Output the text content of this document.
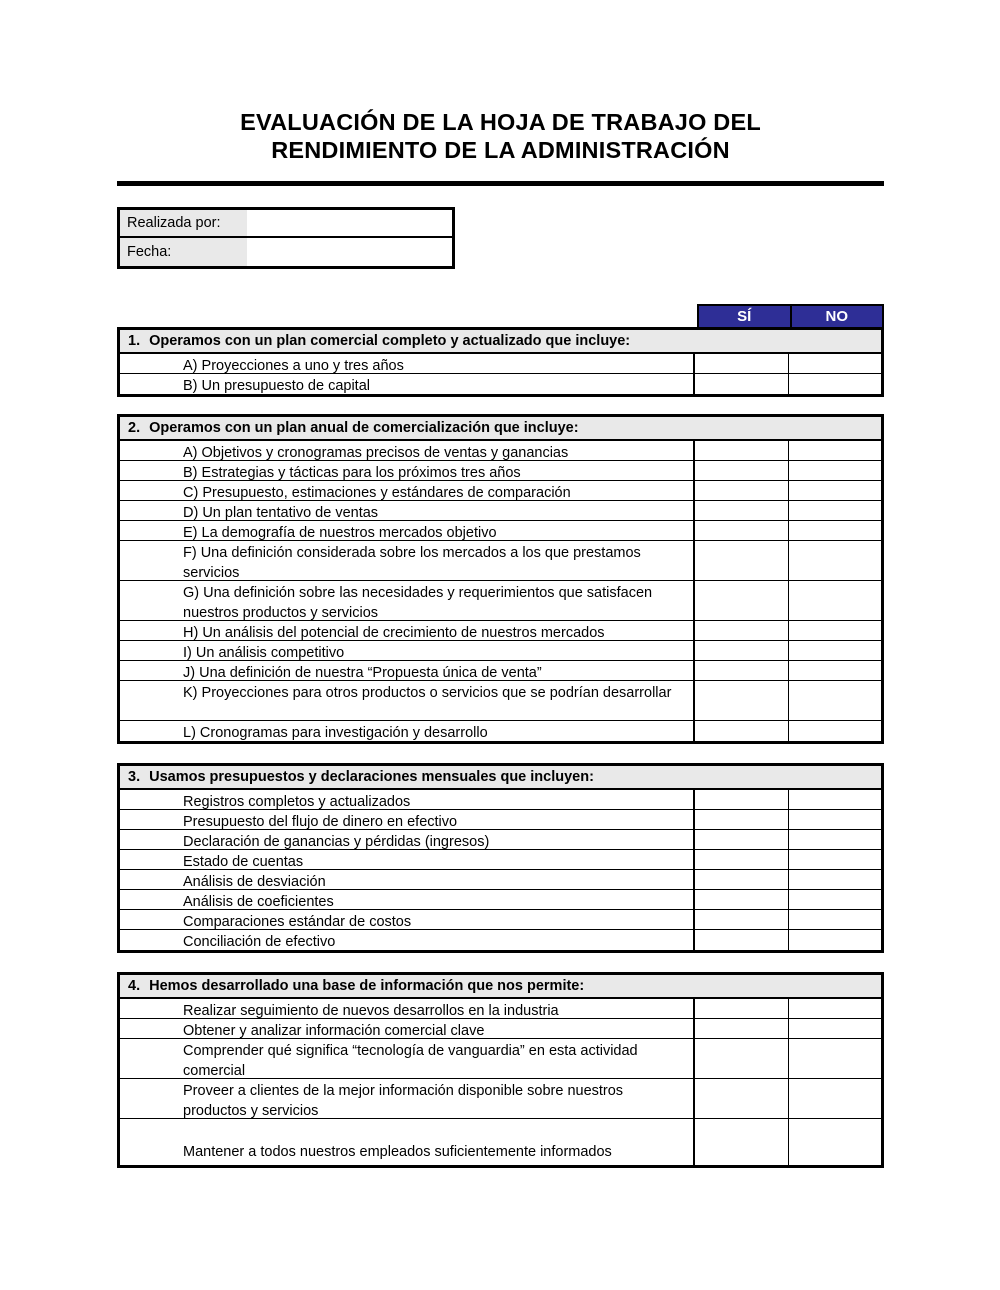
EVALUACIÓN DE LA HOJA DE TRABAJO DEL
RENDIMIENTO DE LA ADMINISTRACIÓN
Realizada por:
Fecha:
SÍ	NO
1. Operamos con un plan comercial completo y actualizado que incluye:
A) Proyecciones a uno y tres años
B) Un presupuesto de capital
2. Operamos con un plan anual de comercialización que incluye:
A) Objetivos y cronogramas precisos de ventas y ganancias
B) Estrategias y tácticas para los próximos tres años
C) Presupuesto, estimaciones y estándares de comparación
D) Un plan tentativo de ventas
E) La demografía de nuestros mercados objetivo
F) Una definición considerada sobre los mercados a los que prestamos servicios
G) Una definición sobre las necesidades y requerimientos que satisfacen nuestros productos y servicios
H) Un análisis del potencial de crecimiento de nuestros mercados
I) Un análisis competitivo
J) Una definición de nuestra “Propuesta única de venta”
K) Proyecciones para otros productos o servicios que se podrían desarrollar
L) Cronogramas para investigación y desarrollo
3. Usamos presupuestos y declaraciones mensuales que incluyen:
Registros completos y actualizados
Presupuesto del flujo de dinero en efectivo
Declaración de ganancias y pérdidas (ingresos)
Estado de cuentas
Análisis de desviación
Análisis de coeficientes
Comparaciones estándar de costos
Conciliación de efectivo
4. Hemos desarrollado una base de información que nos permite:
Realizar seguimiento de nuevos desarrollos en la industria
Obtener y analizar información comercial clave
Comprender qué significa “tecnología de vanguardia” en esta actividad comercial
Proveer a clientes de la mejor información disponible sobre nuestros productos y servicios
Mantener a todos nuestros empleados suficientemente informados
